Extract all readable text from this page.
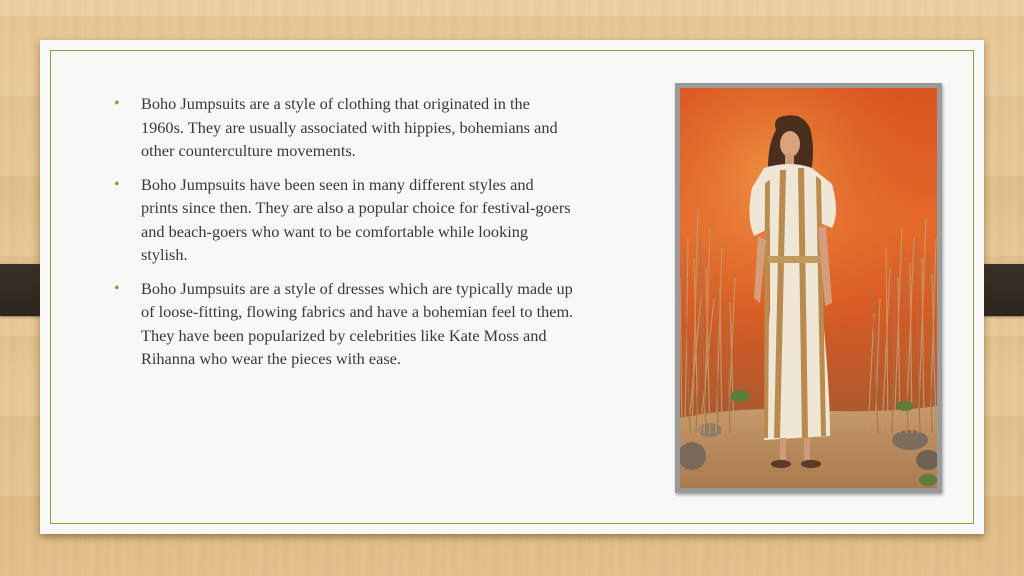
• Boho Jumpsuits are a style of clothing that originated in the 1960s. They are usually associated with hippies, bohemians and other counterculture movements.
• Boho Jumpsuits have been seen in many different styles and prints since then. They are also a popular choice for festival-goers and beach-goers who want to be comfortable while looking stylish.
• Boho Jumpsuits are a style of dresses which are typically made up of loose-fitting, flowing fabrics and have a bohemian feel to them. They have been popularized by celebrities like Kate Moss and Rihanna who wear the pieces with ease.
